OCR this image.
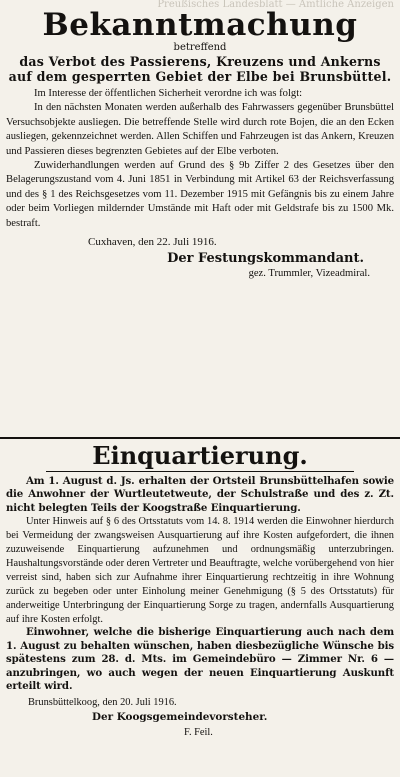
Preußisches Landesblatt — Amtliche Anzeigen
Bekanntmachung

betreffend

das Verbot des Passierens, Kreuzens und Ankerns auf dem gesperrten Gebiet der Elbe bei Brunsbüttel.

Im Interesse der öffentlichen Sicherheit verordne ich was folgt:

In den nächsten Monaten werden außerhalb des Fahrwassers gegenüber Brunsbüttel Versuchsobjekte ausliegen. Die betreffende Stelle wird durch rote Bojen, die an den Ecken ausliegen, gekennzeichnet werden. Allen Schiffen und Fahrzeugen ist das Ankern, Kreuzen und Passieren dieses begrenzten Gebietes auf der Elbe verboten.

Zuwiderhandlungen werden auf Grund des § 9b Ziffer 2 des Gesetzes über den Belagerungszustand vom 4. Juni 1851 in Verbindung mit Artikel 63 der Reichsverfassung und des § 1 des Reichsgesetzes vom 11. Dezember 1915 mit Gefängnis bis zu einem Jahre oder beim Vorliegen mildernder Umstände mit Haft oder mit Geldstrafe bis zu 1500 Mk. bestraft.

Cuxhaven, den 22. Juli 1916.

Der Festungskommandant.

gez. Trummler, Vizeadmiral.

Einquartierung.

Am 1. August d. Js. erhalten der Ortsteil Brunsbüttelhafen sowie die Anwohner der Wurtleutetweute, der Schulstraße und des z. Zt. nicht belegten Teils der Koogstraße Einquartierung.

Unter Hinweis auf § 6 des Ortsstatuts vom 14. 8. 1914 werden die Einwohner hierdurch bei Vermeidung der zwangsweisen Ausquartierung auf ihre Kosten aufgefordert, die ihnen zuzuweisende Einquartierung aufzunehmen und ordnungsmäßig unterzubringen. Haushaltungsvorstände oder deren Vertreter und Beauftragte, welche vorübergehend von hier verreist sind, haben sich zur Aufnahme ihrer Einquartierung rechtzeitig in ihre Wohnung zurück zu begeben oder unter Einholung meiner Genehmigung (§ 5 des Ortsstatuts) für anderweitige Unterbringung der Einquartierung Sorge zu tragen, andernfalls Ausquartierung auf ihre Kosten erfolgt.

Einwohner, welche die bisherige Einquartierung auch nach dem 1. August zu behalten wünschen, haben diesbezügliche Wünsche bis spätestens zum 28. d. Mts. im Gemeindebüro — Zimmer Nr. 6 — anzubringen, wo auch wegen der neuen Einquartierung Auskunft erteilt wird.

Brunsbüttelkoog, den 20. Juli 1916.

Der Koogsgemeindevorsteher.

F. Feil.
